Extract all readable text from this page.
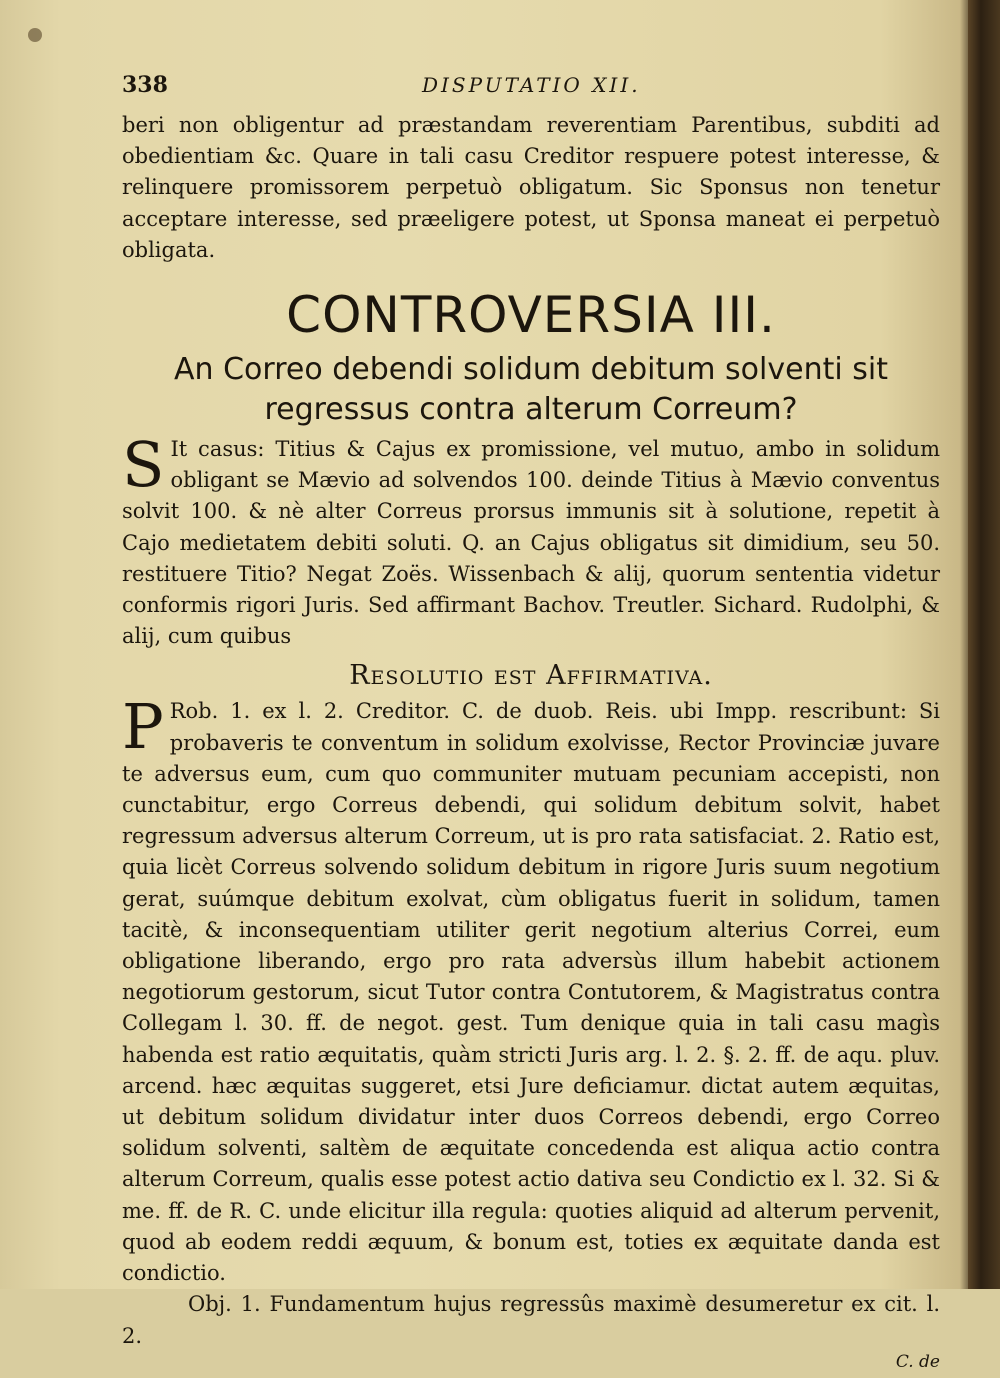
338	DISPUTATIO XII.

beri non obligentur ad præstandam reverentiam Parentibus, subditi ad obedientiam &c. Quare in tali casu Creditor respuere potest interesse, & relinquere promissorem perpetuò obligatum. Sic Sponsus non tenetur acceptare interesse, sed præeligere potest, ut Sponsa maneat ei perpetuò obligata.

CONTROVERSIA III.
An Correo debendi solidum debitum solventi sit regressus contra alterum Correum?

S It casus: Titius & Cajus ex promissione, vel mutuo, ambo in solidum obligant se Mævio ad solvendos 100. deinde Titius à Mævio conventus solvit 100. & nè alter Correus prorsus immunis sit à solutione, repetit à Cajo medietatem debiti soluti. Q. an Cajus obligatus sit dimidium, seu 50. restituere Titio? Negat Zoës. Wissenbach & alij, quorum sententia videtur conformis rigori Juris. Sed affirmant Bachov. Treutler. Sichard. Rudolphi, & alij, cum quibus

Resolutio est Affirmativa.

P Rob. 1. ex l. 2. Creditor. C. de duob. Reis. ubi Impp. rescribunt: Si probaveris te conventum in solidum exolvisse, Rector Provinciæ juvare te adversus eum, cum quo communiter mutuam pecuniam accepisti, non cunctabitur, ergo Correus debendi, qui solidum debitum solvit, habet regressum adversus alterum Correum, ut is pro rata satisfaciat. 2. Ratio est, quia licèt Correus solvendo solidum debitum in rigore Juris suum negotium gerat, suúmque debitum exolvat, cùm obligatus fuerit in solidum, tamen tacitè, & inconsequentiam utiliter gerit negotium alterius Correi, eum obligatione liberando, ergo pro rata adversùs illum habebit actionem negotiorum gestorum, sicut Tutor contra Contutorem, & Magistratus contra Collegam l. 30. ff. de negot. gest. Tum denique quia in tali casu magìs habenda est ratio æquitatis, quàm stricti Juris arg. l. 2. §. 2. ff. de aqu. pluv. arcend. hæc æquitas suggeret, etsi Jure deficiamur. dictat autem æquitas, ut debitum solidum dividatur inter duos Correos debendi, ergo Correo solidum solventi, saltèm de æquitate concedenda est aliqua actio contra alterum Correum, qualis esse potest actio dativa seu Condictio ex l. 32. Si & me. ff. de R. C. unde elicitur illa regula: quoties aliquid ad alterum pervenit, quod ab eodem reddi æquum, & bonum est, toties ex æquitate danda est condictio.

Obj. 1. Fundamentum hujus regressûs maximè desumeretur ex cit. l. 2.

C. de
